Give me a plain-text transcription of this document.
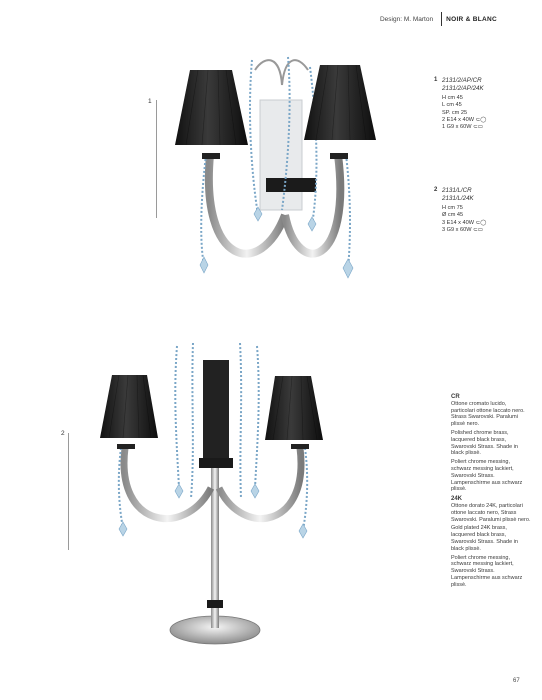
Design: M. Marton NOIR & BLANC
1
2
1 2131/2/AP/CR
2131/2/AP/24K
H cm 45
L cm 45
SP. cm 25
2 E14 x 40W ⊂◯
1 G9 x 60W ⊂▭
2 2131/L/CR
2131/L/24K
H cm 75
Ø cm 45
3 E14 x 40W ⊂◯
3 G9 x 60W ⊂▭
CR

Ottone cromato lucido, particolari ottone laccato nero. Strass Swarovski. Paralumi plissè nero.

Polished chrome brass, lacquered black brass, Swarovski Strass. Shade in black plissè.

Poliert chrome messing, schwarz messing lackiert, Swarovski Strass. Lampenschirme aus schwarz plissè.

24K

Ottone dorato 24K, particolari ottone laccato nero, Strass Swarovski. Paralumi plissè nero.

Gold plated 24K brass, lacquered black brass, Swarovski Strass. Shade in black plissè.

Poliert chrome messing, schwarz messing lackiert, Swarovski Strass. Lampenschirme aus schwarz plissè.

67
